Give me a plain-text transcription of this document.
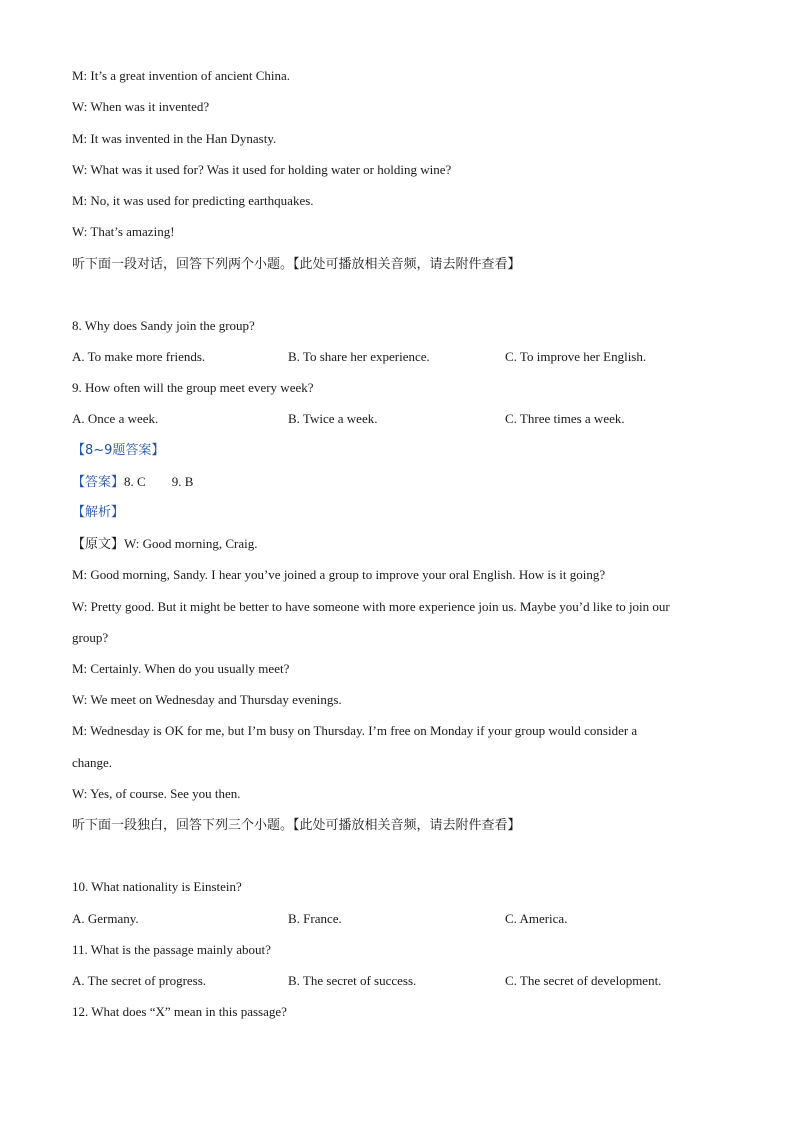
M: It’s a great invention of ancient China.
W: When was it invented?
M: It was invented in the Han Dynasty.
W: What was it used for? Was it used for holding water or holding wine?
M: No, it was used for predicting earthquakes.
W: That’s amazing!
听下面一段对话，回答下列两个小题。【此处可播放相关音频，请去附件查看】
8. Why does Sandy join the group?
A. To make more friends.	B. To share her experience.	C. To improve her English.
9. How often will the group meet every week?
A. Once a week.	B. Twice a week.	C. Three times a week.
【8~9题答案】
【答案】8. C 9. B
【解析】
【原文】W: Good morning, Craig.
M: Good morning, Sandy. I hear you’ve joined a group to improve your oral English. How is it going?
W: Pretty good. But it might be better to have someone with more experience join us. Maybe you’d like to join our
group?
M: Certainly. When do you usually meet?
W: We meet on Wednesday and Thursday evenings.
M: Wednesday is OK for me, but I’m busy on Thursday. I’m free on Monday if your group would consider a
change.
W: Yes, of course. See you then.
听下面一段独白，回答下列三个小题。【此处可播放相关音频，请去附件查看】
10. What nationality is Einstein?
A. Germany.	B. France.	C. America.
11. What is the passage mainly about?
A. The secret of progress.	B. The secret of success.	C. The secret of development.
12. What does “X” mean in this passage?
